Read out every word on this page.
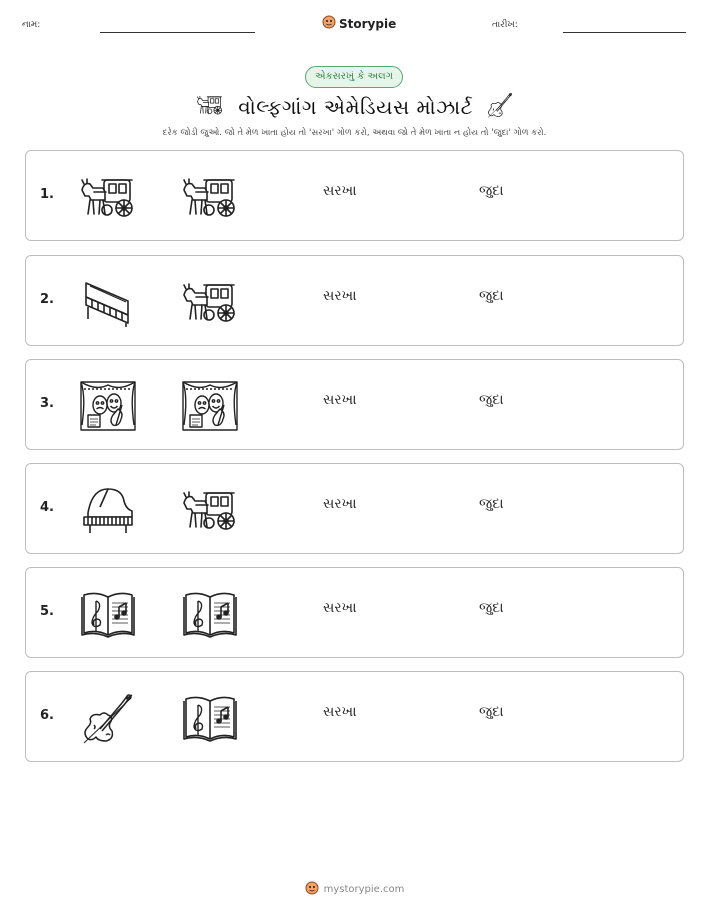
નામ:	Storypie	તારીખ:
એકસરખું કે અલગ
વોલ્ફગાંગ એમેડિયસ મોઝાર્ટ
દરેક જોડી જુઓ. જો તે મેળ ખાતા હોય તો 'સરખા' ગોળ કરો, અથવા જો તે મેળ ખાતા ન હોય તો 'જુદા' ગોળ કરો.
1.	સરખા	જુદા
2.	સરખા	જુદા
3.	સરખા	જુદા
4.	સરખા	જુદા
5.	સરખા	જુદા
6.	સરખા	જુદા
mystorypie.com
